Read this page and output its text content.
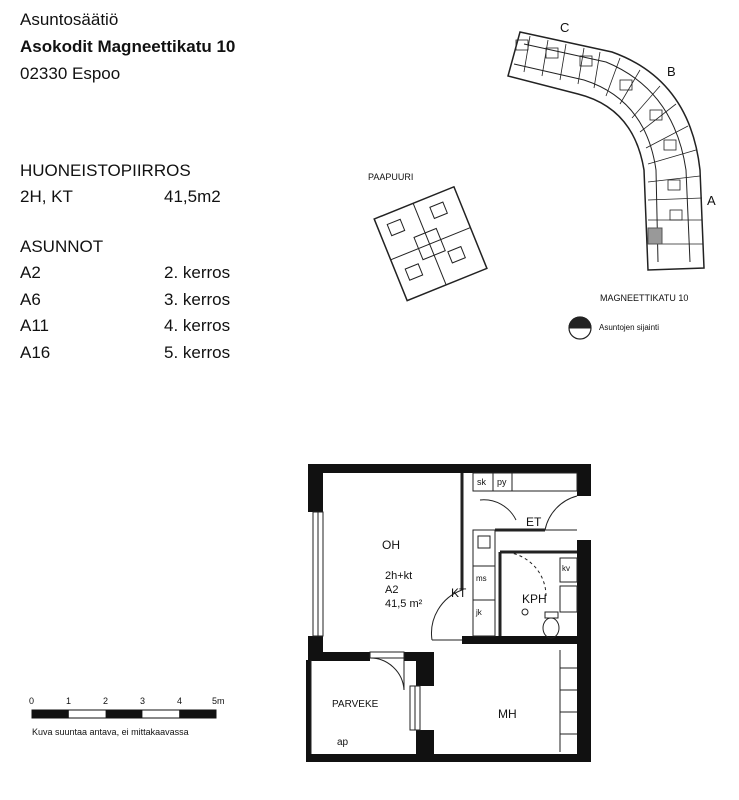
Asuntosäätiö
Asokodit Magneettikatu 10
02330 Espoo
HUONEISTOPIIRROS
2H, KT	41,5m2
ASUNNOT
A2	2. kerros
A6	3. kerros
A11	4. kerros
A16	5. kerros
C
B
A
PAAPUURI
MAGNEETTIKATU 10
Asuntojen sijainti
OH
2h+kt
A2
41,5 m²
KT
ET
KPH
MH
PARVEKE
sk py
ms
jk
kv
ap
0	1	2	3	4	5m
Kuva suuntaa antava, ei mittakaavassa
